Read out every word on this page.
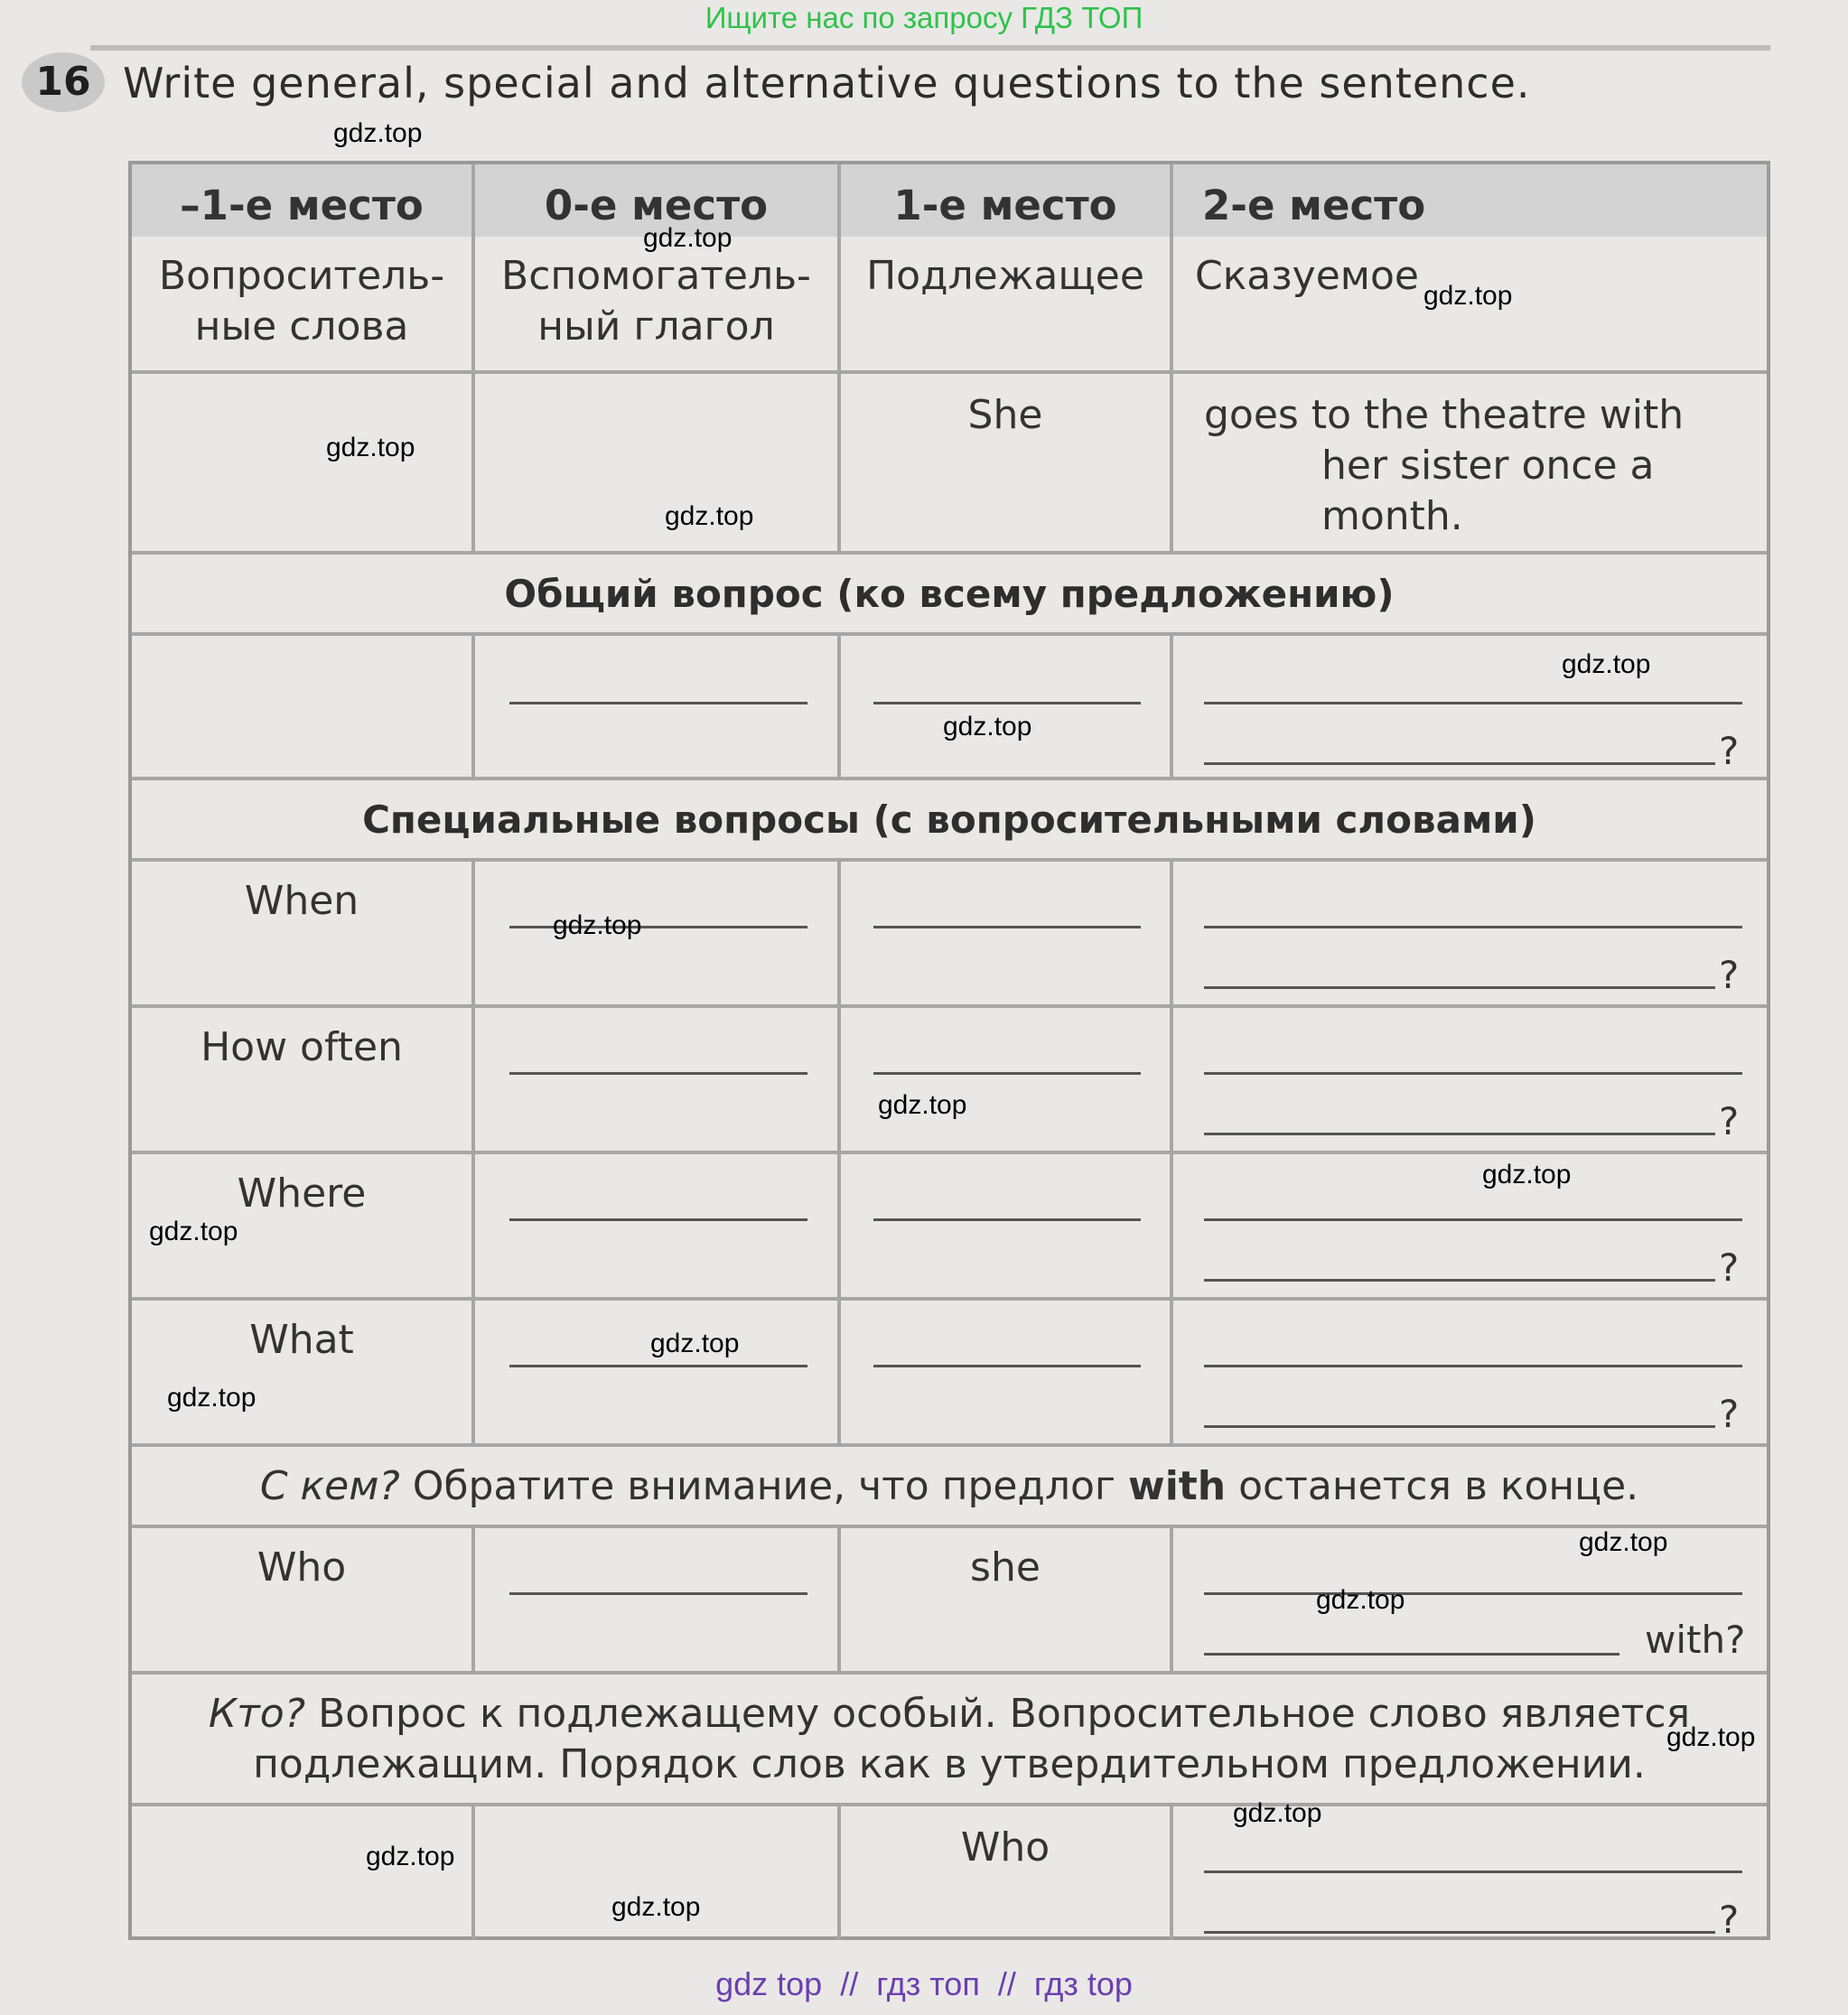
Ищите нас по запросу ГДЗ ТОП
16 Write general, special and alternative questions to the sentence.
–1-е место
Вопроситель-
ные слова
0-е место
Вспомогатель-
ный глагол
1-е место
Подлежащее
2-е место
Сказуемое
She	goes to the theatre with
her sister once a
month.
Общий вопрос (ко всему предложению)
?
Специальные вопросы (с вопросительными словами)
When
?
How often
?
Where
?
What
?
С кем? Обратите внимание, что предлог with останется в конце.
Who	she
with?
Кто? Вопрос к подлежащему особый. Вопросительное слово является
подлежащим. Порядок слов как в утвердительном предложении.
Who
?
gdz.top
gdz.top
gdz.top
gdz.top
gdz.top
gdz.top
gdz.top
gdz.top
gdz.top
gdz.top
gdz.top
gdz.top
gdz.top
gdz.top
gdz.top
gdz.top
gdz.top
gdz.top
gdz.top
gdz top  //  гдз топ  //  гдз top
